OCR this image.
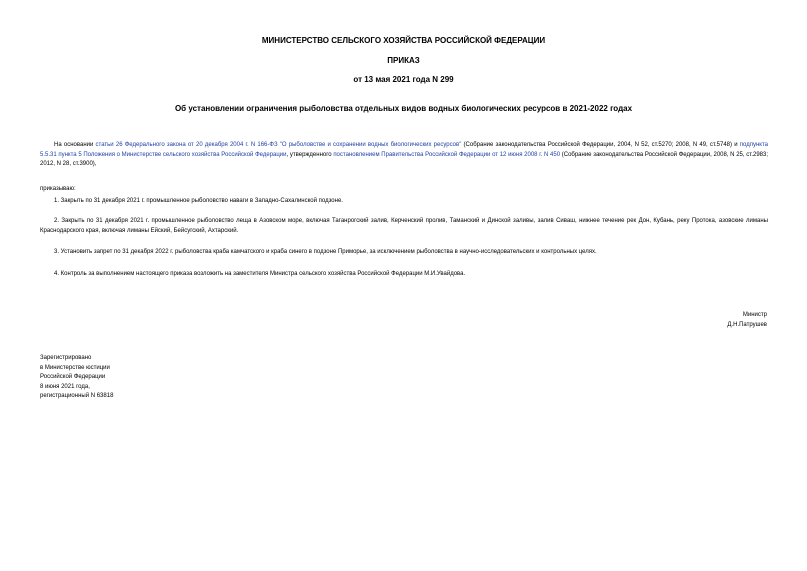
МИНИСТЕРСТВО СЕЛЬСКОГО ХОЗЯЙСТВА РОССИЙСКОЙ ФЕДЕРАЦИИ
ПРИКАЗ
от 13 мая 2021 года N 299
Об установлении ограничения рыболовства отдельных видов водных биологических ресурсов в 2021-2022 годах
На основании статьи 26 Федерального закона от 20 декабря 2004 г. N 166-ФЗ "О рыболовстве и сохранении водных биологических ресурсов" (Собрание законодательства Российской Федерации, 2004, N 52, ст.5270; 2008, N 49, ст.5748) и подпункта 5.5.31 пункта 5 Положения о Министерстве сельского хозяйства Российской Федерации, утвержденного постановлением Правительства Российской Федерации от 12 июня 2008 г. N 450 (Собрание законодательства Российской Федерации, 2008, N 25, ст.2983; 2012, N 28, ст.3900),
приказываю:
1. Закрыть по 31 декабря 2021 г. промышленное рыболовство наваги в Западно-Сахалинской подзоне.
2. Закрыть по 31 декабря 2021 г. промышленное рыболовство леща в Азовском море, включая Таганрогский залив, Керченский пролив, Таманский и Динской заливы, залив Сиваш, нижнее течение рек Дон, Кубань, реку Протока, азовские лиманы Краснодарского края, включая лиманы Ейский, Бейсугский, Ахтарский.
3. Установить запрет по 31 декабря 2022 г. рыболовства краба камчатского и краба синего в подзоне Приморье, за исключением рыболовства в научно-исследовательских и контрольных целях.
4. Контроль за выполнением настоящего приказа возложить на заместителя Министра сельского хозяйства Российской Федерации М.И.Увайдова.
Министр
Д.Н.Патрушев
Зарегистрировано
в Министерстве юстиции
Российской Федерации
8 июня 2021 года,
регистрационный N 63818
